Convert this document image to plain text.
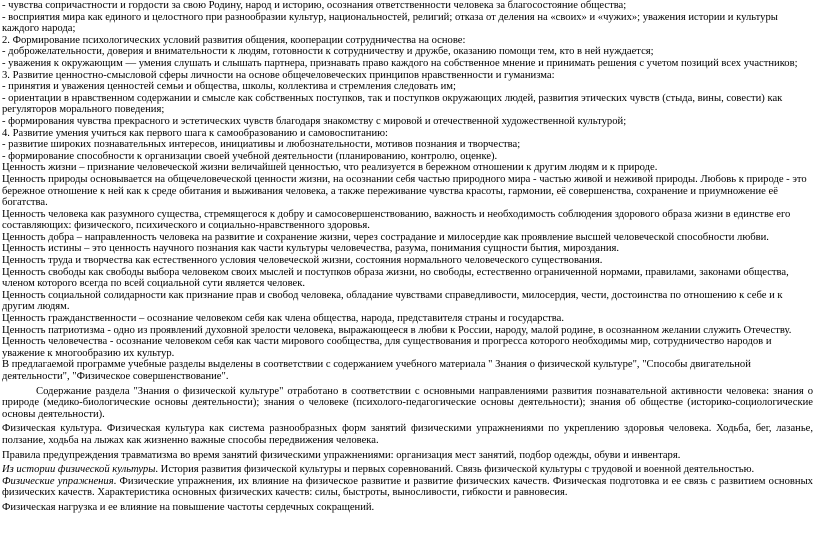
- чувства сопричастности и гордости за свою Родину, народ и историю, осознания ответственности человека за благосостояние общества;
- восприятия мира как единого и целостного при разнообразии культур, национальностей, религий; отказа от деления на «своих» и «чужих»; уважения истории и культуры каждого народа;
2. Формирование психологических условий развития общения, кооперации сотрудничества на основе:
- доброжелательности, доверия и внимательности к людям, готовности к сотрудничеству и дружбе, оказанию помощи тем, кто в ней нуждается;
- уважения к окружающим — умения слушать и слышать партнера, признавать право каждого на собственное мнение и принимать решения с учетом позиций всех участников;
3. Развитие ценностно-смысловой сферы личности на основе общечеловеческих принципов нравственности и гуманизма:
- принятия и уважения ценностей семьи и общества, школы, коллектива и стремления следовать им;
- ориентации в нравственном содержании и смысле как собственных поступков, так и поступков окружающих людей, развития этических чувств (стыда, вины, совести) как регуляторов морального поведения;
- формирования чувства прекрасного и эстетических чувств благодаря знакомству с мировой и отечественной художественной культурой;
4. Развитие умения учиться как первого шага к самообразованию и самовоспитанию:
- развитие широких познавательных интересов, инициативы и любознательности, мотивов познания и творчества;
- формирование способности к организации своей учебной деятельности (планированию, контролю, оценке).
Ценность жизни – признание человеческой жизни величайшей ценностью, что реализуется в бережном отношении к другим людям и к природе.
Ценность природы основывается на общечеловеческой ценности жизни, на осознании себя частью природного мира - частью живой и неживой природы. Любовь к природе - это бережное отношение к ней как к среде обитания и выживания человека, а также переживание чувства красоты, гармонии, её совершенства, сохранение и приумножение её богатства.
Ценность человека как разумного существа, стремящегося к добру и самосовершенствованию, важность и необходимость соблюдения здорового образа жизни в единстве его составляющих: физического, психического и социально-нравственного здоровья.
Ценность добра – направленность человека на развитие и сохранение жизни, через сострадание и милосердие как проявление высшей человеческой способности любви.
Ценность истины – это ценность научного познания как части культуры человечества, разума, понимания сущности бытия, мироздания.
Ценность труда и творчества как естественного условия человеческой жизни, состояния нормального человеческого существования.
Ценность свободы как свободы выбора человеком своих мыслей и поступков образа жизни, но свободы, естественно ограниченной нормами, правилами, законами общества, членом которого всегда по всей социальной сути является человек.
Ценность социальной солидарности как признание прав и свобод человека, обладание чувствами справедливости, милосердия, чести, достоинства по отношению к себе и к другим людям.
Ценность гражданственности – осознание человеком себя как члена общества, народа, представителя страны и государства.
Ценность патриотизма - одно из проявлений духовной зрелости человека, выражающееся в любви к России, народу, малой родине, в осознанном желании служить Отечеству.
Ценность человечества - осознание человеком себя как части мирового сообщества, для существования и прогресса которого необходимы мир, сотрудничество народов и уважение к многообразию их культур.
В предлагаемой программе учебные разделы выделены в соответствии с содержанием учебного материала " Знания о физической культуре", "Способы двигательной деятельности", "Физическое совершенствование".
Содержание раздела "Знания о физической культуре" отработано в соответствии с основными направлениями развития познавательной активности человека: знания о природе (медико-биологические основы деятельности); знания о человеке (психолого-педагогические основы деятельности); знания об обществе (историко-социологические основы деятельности).
Физическая культура. Физическая культура как система разнообразных форм занятий физическими упражнениями по укреплению здоровья человека. Ходьба, бег, лазанье, ползание, ходьба на лыжах как жизненно важные способы передвижения человека.
Правила предупреждения травматизма во время занятий физическими упражнениями: организация мест занятий, подбор одежды, обуви и инвентаря.
Из истории физической культуры. История развития физической культуры и первых соревнований. Связь физической культуры с трудовой и военной деятельностью.
Физические упражнения. Физические упражнения, их влияние на физическое развитие и развитие физических качеств. Физическая подготовка и ее связь с развитием основных физических качеств. Характеристика основных физических качеств: силы, быстроты, выносливости, гибкости и равновесия.
Физическая нагрузка и ее влияние на повышение частоты сердечных сокращений.
